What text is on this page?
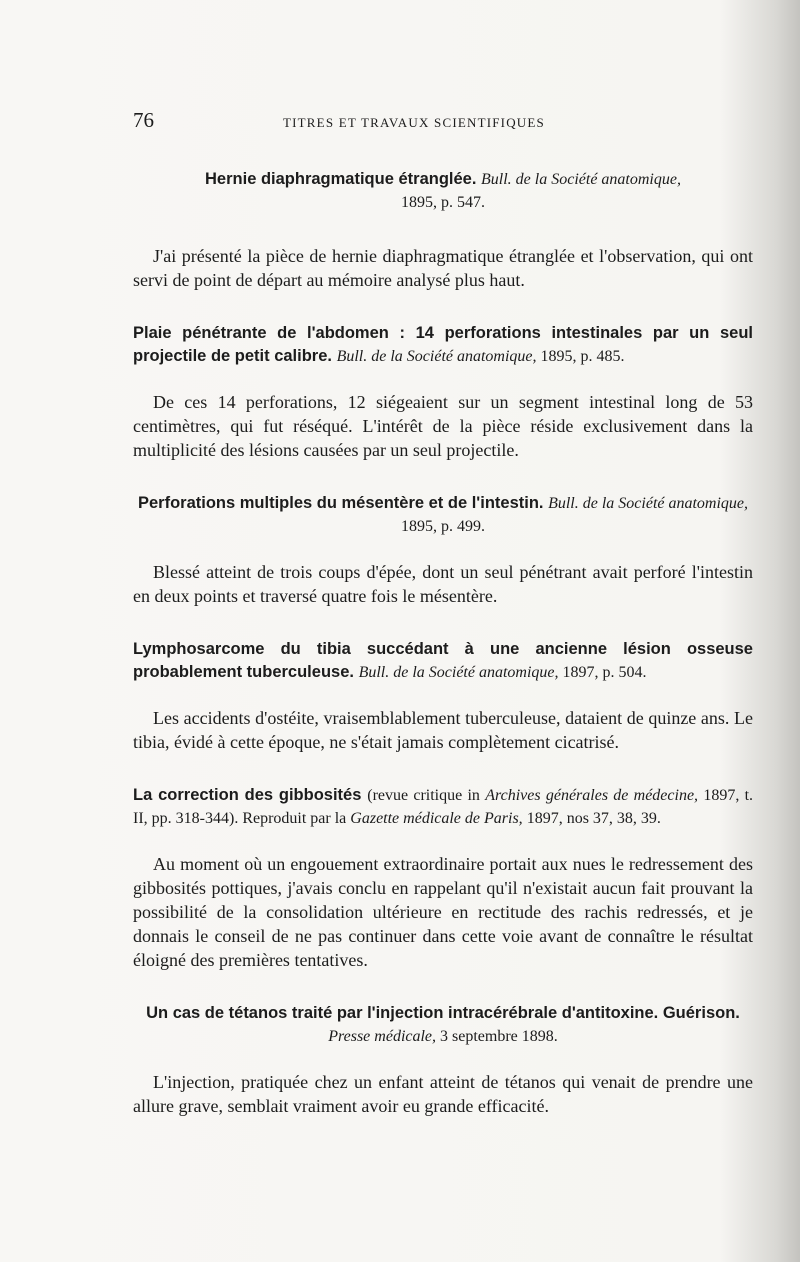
76	TITRES ET TRAVAUX SCIENTIFIQUES

Hernie diaphragmatique étranglée. Bull. de la Société anatomique,
1895, p. 547.

J'ai présenté la pièce de hernie diaphragmatique étranglée et l'observation, qui ont servi de point de départ au mémoire analysé plus haut.

Plaie pénétrante de l'abdomen : 14 perforations intestinales par un seul projectile de petit calibre. Bull. de la Société anatomique, 1895, p. 485.

De ces 14 perforations, 12 siégeaient sur un segment intestinal long de 53 centimètres, qui fut réséqué. L'intérêt de la pièce réside exclusivement dans la multiplicité des lésions causées par un seul projectile.

Perforations multiples du mésentère et de l'intestin. Bull. de la Société anatomique, 1895, p. 499.

Blessé atteint de trois coups d'épée, dont un seul pénétrant avait perforé l'intestin en deux points et traversé quatre fois le mésentère.

Lymphosarcome du tibia succédant à une ancienne lésion osseuse probablement tuberculeuse. Bull. de la Société anatomique, 1897, p. 504.

Les accidents d'ostéite, vraisemblablement tuberculeuse, dataient de quinze ans. Le tibia, évidé à cette époque, ne s'était jamais complètement cicatrisé.

La correction des gibbosités (revue critique in Archives générales de médecine, 1897, t. II, pp. 318-344). Reproduit par la Gazette médicale de Paris, 1897, nos 37, 38, 39.

Au moment où un engouement extraordinaire portait aux nues le redressement des gibbosités pottiques, j'avais conclu en rappelant qu'il n'existait aucun fait prouvant la possibilité de la consolidation ultérieure en rectitude des rachis redressés, et je donnais le conseil de ne pas continuer dans cette voie avant de connaître le résultat éloigné des premières tentatives.

Un cas de tétanos traité par l'injection intracérébrale d'antitoxine. Guérison. Presse médicale, 3 septembre 1898.

L'injection, pratiquée chez un enfant atteint de tétanos qui venait de prendre une allure grave, semblait vraiment avoir eu grande efficacité.
